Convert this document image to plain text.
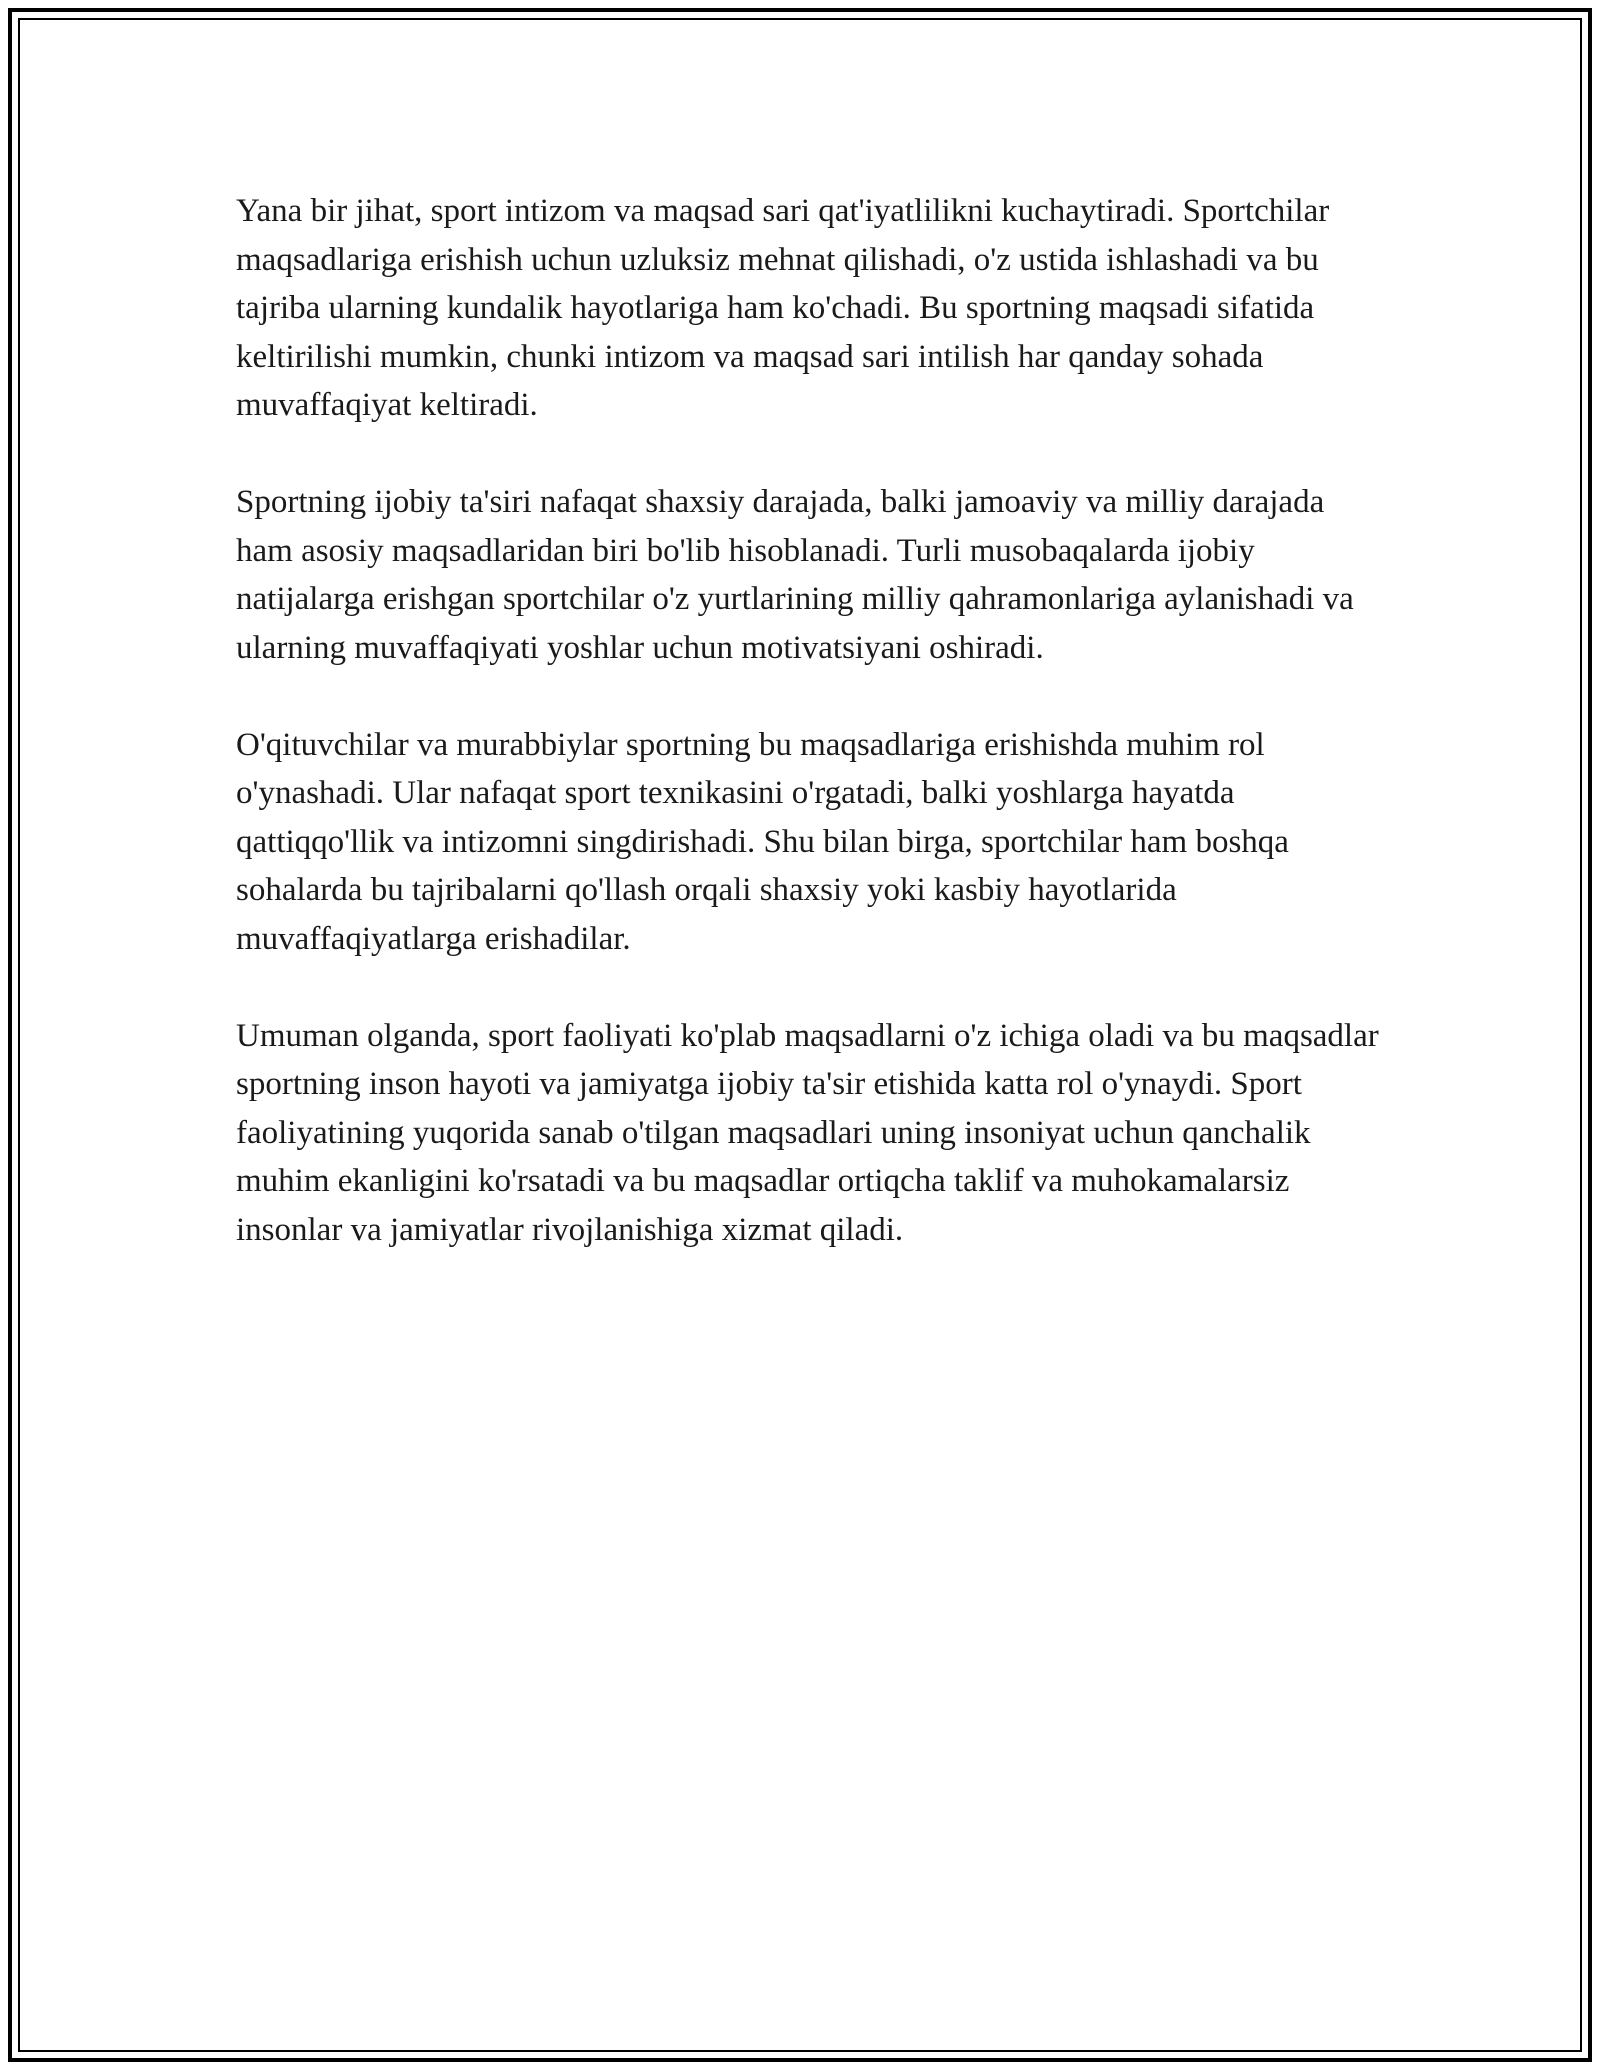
Yana bir jihat, sport intizom va maqsad sari qat'iyatlilikni kuchaytiradi. Sportchilar maqsadlariga erishish uchun uzluksiz mehnat qilishadi, o'z ustida ishlashadi va bu tajriba ularning kundalik hayotlariga ham ko'chadi. Bu sportning maqsadi sifatida keltirilishi mumkin, chunki intizom va maqsad sari intilish har qanday sohada muvaffaqiyat keltiradi.

Sportning ijobiy ta'siri nafaqat shaxsiy darajada, balki jamoaviy va milliy darajada ham asosiy maqsadlaridan biri bo'lib hisoblanadi. Turli musobaqalarda ijobiy natijalarga erishgan sportchilar o'z yurtlarining milliy qahramonlariga aylanishadi va ularning muvaffaqiyati yoshlar uchun motivatsiyani oshiradi.

O'qituvchilar va murabbiylar sportning bu maqsadlariga erishishda muhim rol o'ynashadi. Ular nafaqat sport texnikasini o'rgatadi, balki yoshlarga hayatda qattiqqo'llik va intizomni singdirishadi. Shu bilan birga, sportchilar ham boshqa sohalarda bu tajribalarni qo'llash orqali shaxsiy yoki kasbiy hayotlarida muvaffaqiyatlarga erishadilar.

Umuman olganda, sport faoliyati ko'plab maqsadlarni o'z ichiga oladi va bu maqsadlar sportning inson hayoti va jamiyatga ijobiy ta'sir etishida katta rol o'ynaydi. Sport faoliyatining yuqorida sanab o'tilgan maqsadlari uning insoniyat uchun qanchalik muhim ekanligini ko'rsatadi va bu maqsadlar ortiqcha taklif va muhokamalarsiz insonlar va jamiyatlar rivojlanishiga xizmat qiladi.
